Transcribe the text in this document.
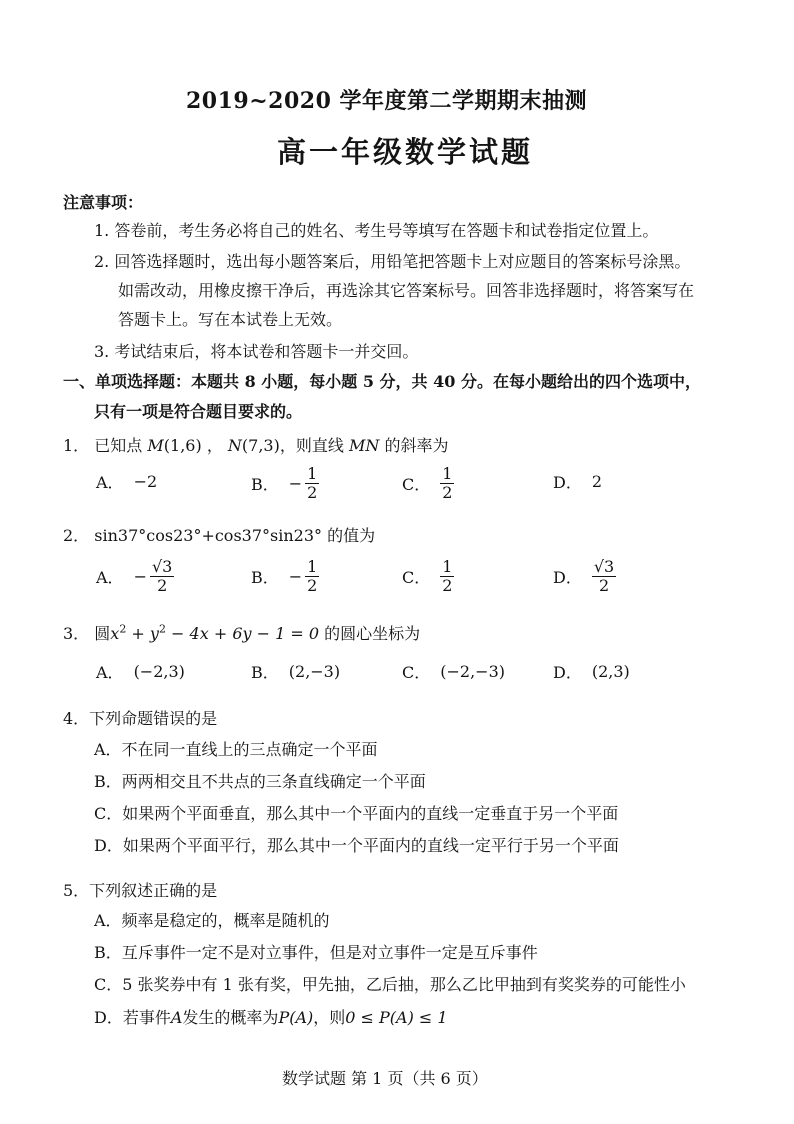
2019~2020 学年度第二学期期末抽测
高一年级数学试题
注意事项：
1. 答卷前，考生务必将自己的姓名、考生号等填写在答题卡和试卷指定位置上。
2. 回答选择题时，选出每小题答案后，用铅笔把答题卡上对应题目的答案标号涂黑。
如需改动，用橡皮擦干净后，再选涂其它答案标号。回答非选择题时，将答案写在
答题卡上。写在本试卷上无效。
3. 考试结束后，将本试卷和答题卡一并交回。
一、单项选择题：本题共 8 小题，每小题 5 分，共 40 分。在每小题给出的四个选项中，
只有一项是符合题目要求的。
1． 已知点 M(1,6) ， N(7,3)，则直线 MN 的斜率为
A． −2	B． − $\frac{1}{2}$	C． $\frac{1}{2}$	D． 2
2． sin37°cos23°+cos37°sin23° 的值为
A． − $\frac{√3}{2}$	B． − $\frac{1}{2}$	C． $\frac{1}{2}$	D． $\frac{√3}{2}$
3． 圆$x^2 + y^2 - 4x + 6y - 1 = 0$ 的圆心坐标为
A． (−2,3)	B． (2,−3)	C． (−2,−3)	D． (2,3)
4．下列命题错误的是
A．不在同一直线上的三点确定一个平面
B．两两相交且不共点的三条直线确定一个平面
C．如果两个平面垂直，那么其中一个平面内的直线一定垂直于另一个平面
D．如果两个平面平行，那么其中一个平面内的直线一定平行于另一个平面
5．下列叙述正确的是
A．频率是稳定的，概率是随机的
B．互斥事件一定不是对立事件，但是对立事件一定是互斥事件
C．5 张奖券中有 1 张有奖，甲先抽，乙后抽，那么乙比甲抽到有奖奖券的可能性小
D．若事件A发生的概率为P(A)，则0 ≤ P(A) ≤ 1
数学试题 第 1 页（共 6 页）
